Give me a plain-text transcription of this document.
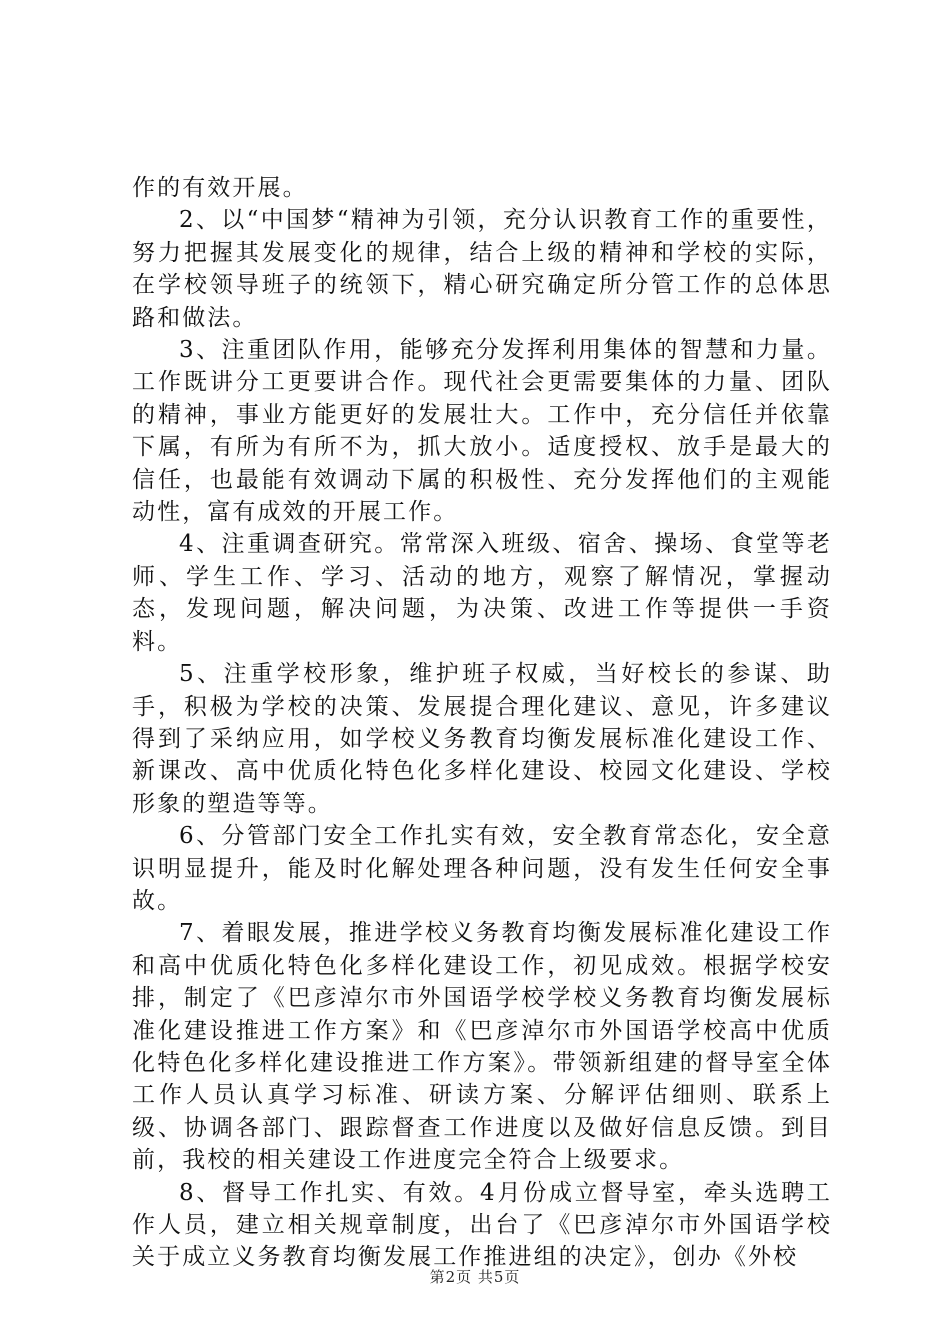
作的有效开展。

2、以“中国梦“精神为引领，充分认识教育工作的重要性，努力把握其发展变化的规律，结合上级的精神和学校的实际，在学校领导班子的统领下，精心研究确定所分管工作的总体思路和做法。

3、注重团队作用，能够充分发挥利用集体的智慧和力量。工作既讲分工更要讲合作。现代社会更需要集体的力量、团队的精神，事业方能更好的发展壮大。工作中，充分信任并依靠下属，有所为有所不为，抓大放小。适度授权、放手是最大的信任，也最能有效调动下属的积极性、充分发挥他们的主观能动性，富有成效的开展工作。

4、注重调查研究。常常深入班级、宿舍、操场、食堂等老师、学生工作、学习、活动的地方，观察了解情况，掌握动态，发现问题，解决问题，为决策、改进工作等提供一手资料。

5、注重学校形象，维护班子权威，当好校长的参谋、助手，积极为学校的决策、发展提合理化建议、意见，许多建议得到了采纳应用，如学校义务教育均衡发展标准化建设工作、新课改、高中优质化特色化多样化建设、校园文化建设、学校形象的塑造等等。

6、分管部门安全工作扎实有效，安全教育常态化，安全意识明显提升，能及时化解处理各种问题，没有发生任何安全事故。

7、着眼发展，推进学校义务教育均衡发展标准化建设工作和高中优质化特色化多样化建设工作，初见成效。根据学校安排，制定了《巴彦淖尔市外国语学校学校义务教育均衡发展标准化建设推进工作方案》和《巴彦淖尔市外国语学校高中优质化特色化多样化建设推进工作方案》。带领新组建的督导室全体工作人员认真学习标准、研读方案、分解评估细则、联系上级、协调各部门、跟踪督查工作进度以及做好信息反馈。到目前，我校的相关建设工作进度完全符合上级要求。

8、督导工作扎实、有效。4月份成立督导室，牵头选聘工作人员，建立相关规章制度，出台了《巴彦淖尔市外国语学校关于成立义务教育均衡发展工作推进组的决定》，创办《外校

第2页 共5页
